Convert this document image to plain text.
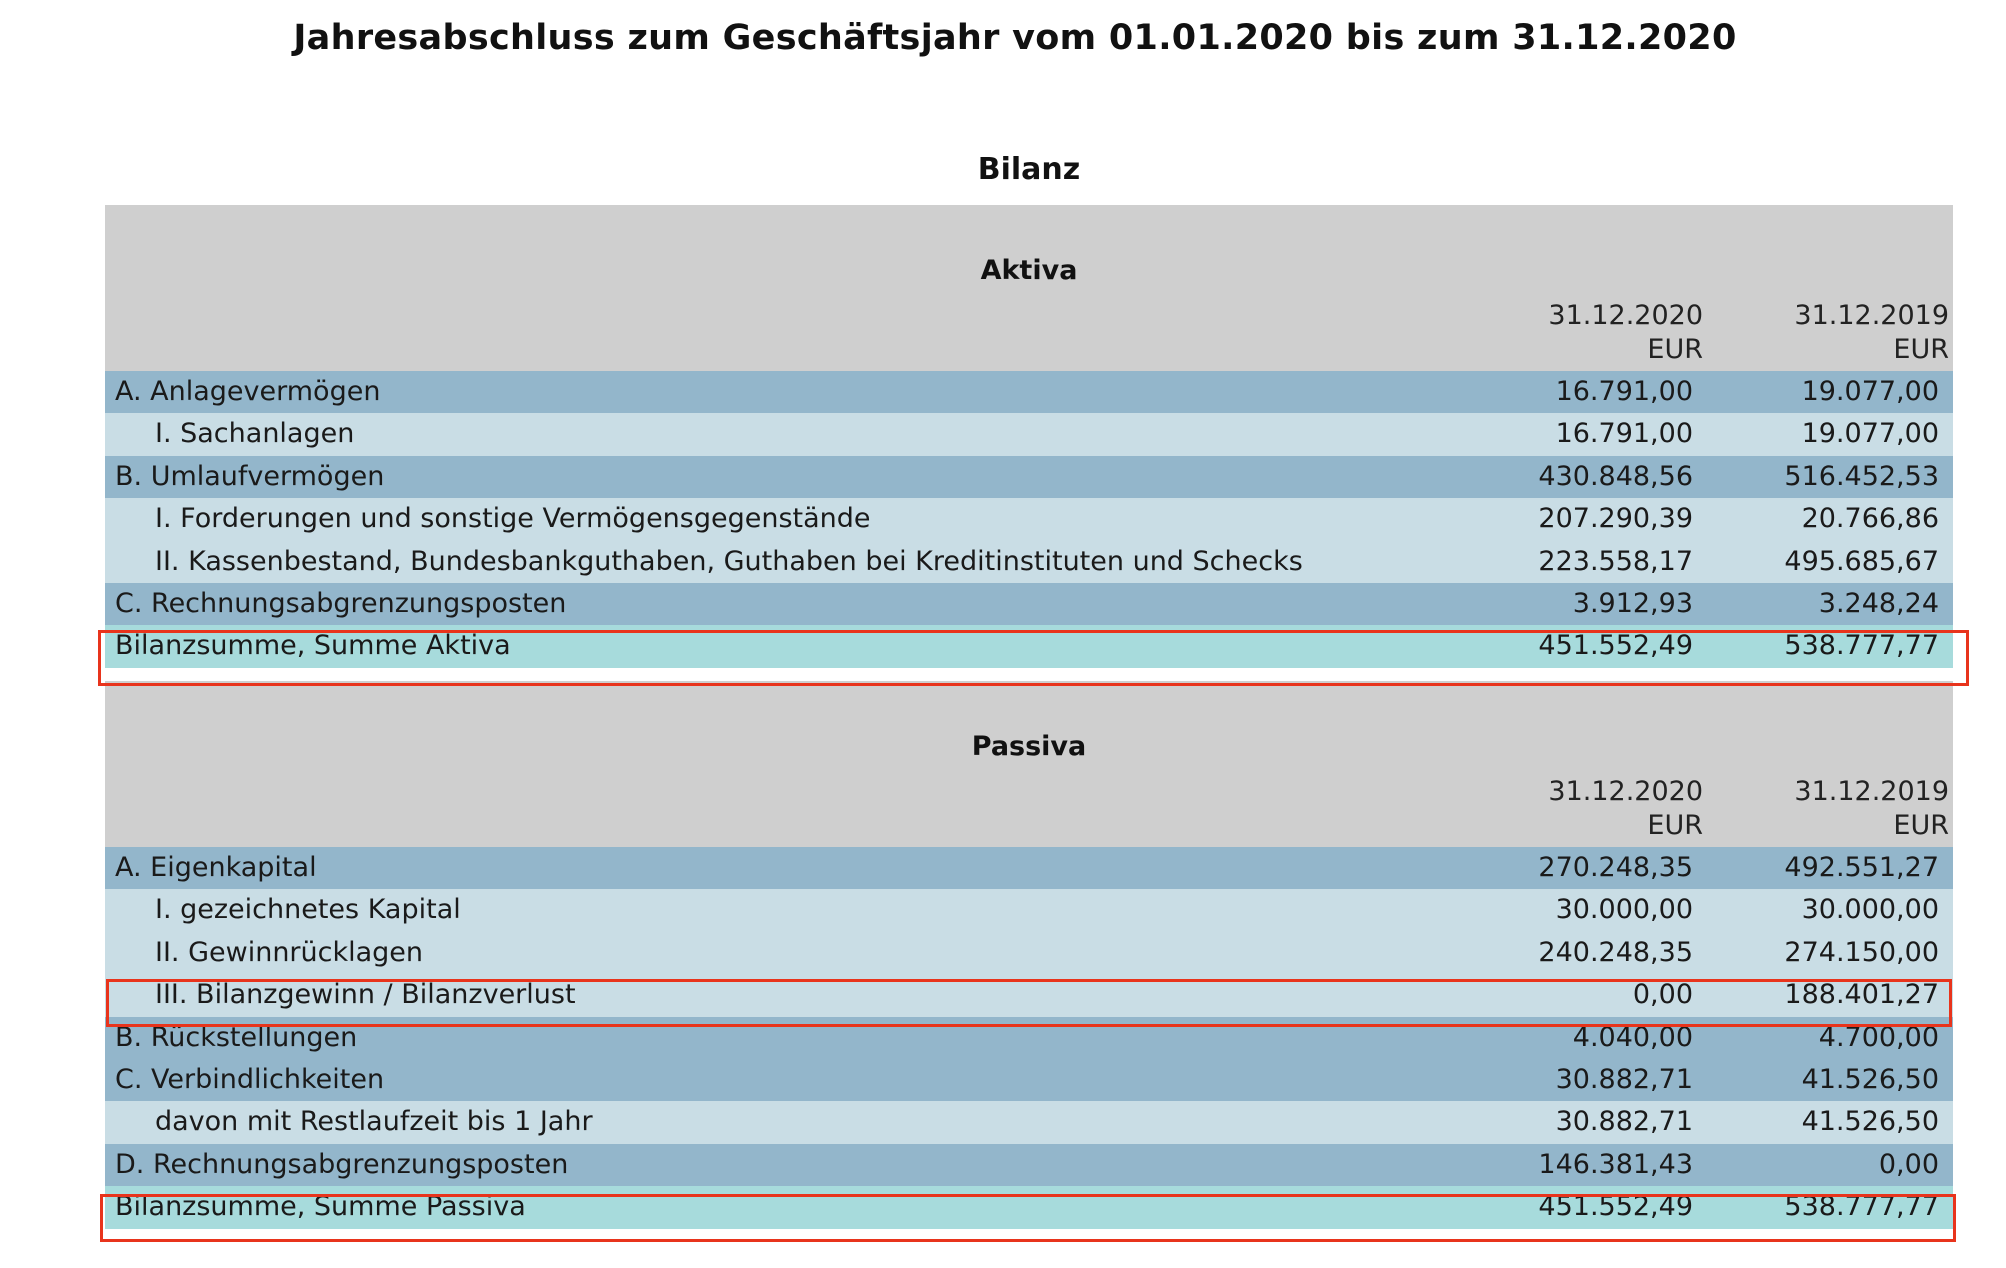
Jahresabschluss zum Geschäftsjahr vom 01.01.2020 bis zum 31.12.2020
Bilanz
Aktiva
31.12.2020
EUR
31.12.2019
EUR
A. Anlagevermögen	16.791,00	19.077,00
I. Sachanlagen	16.791,00	19.077,00
B. Umlaufvermögen	430.848,56	516.452,53
I. Forderungen und sonstige Vermögensgegenstände	207.290,39	20.766,86
II. Kassenbestand, Bundesbankguthaben, Guthaben bei Kreditinstituten und Schecks	223.558,17	495.685,67
C. Rechnungsabgrenzungsposten	3.912,93	3.248,24
Bilanzsumme, Summe Aktiva	451.552,49	538.777,77
Passiva
31.12.2020
EUR
31.12.2019
EUR
A. Eigenkapital	270.248,35	492.551,27
I. gezeichnetes Kapital	30.000,00	30.000,00
II. Gewinnrücklagen	240.248,35	274.150,00
III. Bilanzgewinn / Bilanzverlust	0,00	188.401,27
B. Rückstellungen	4.040,00	4.700,00
C. Verbindlichkeiten	30.882,71	41.526,50
davon mit Restlaufzeit bis 1 Jahr	30.882,71	41.526,50
D. Rechnungsabgrenzungsposten	146.381,43	0,00
Bilanzsumme, Summe Passiva	451.552,49	538.777,77
